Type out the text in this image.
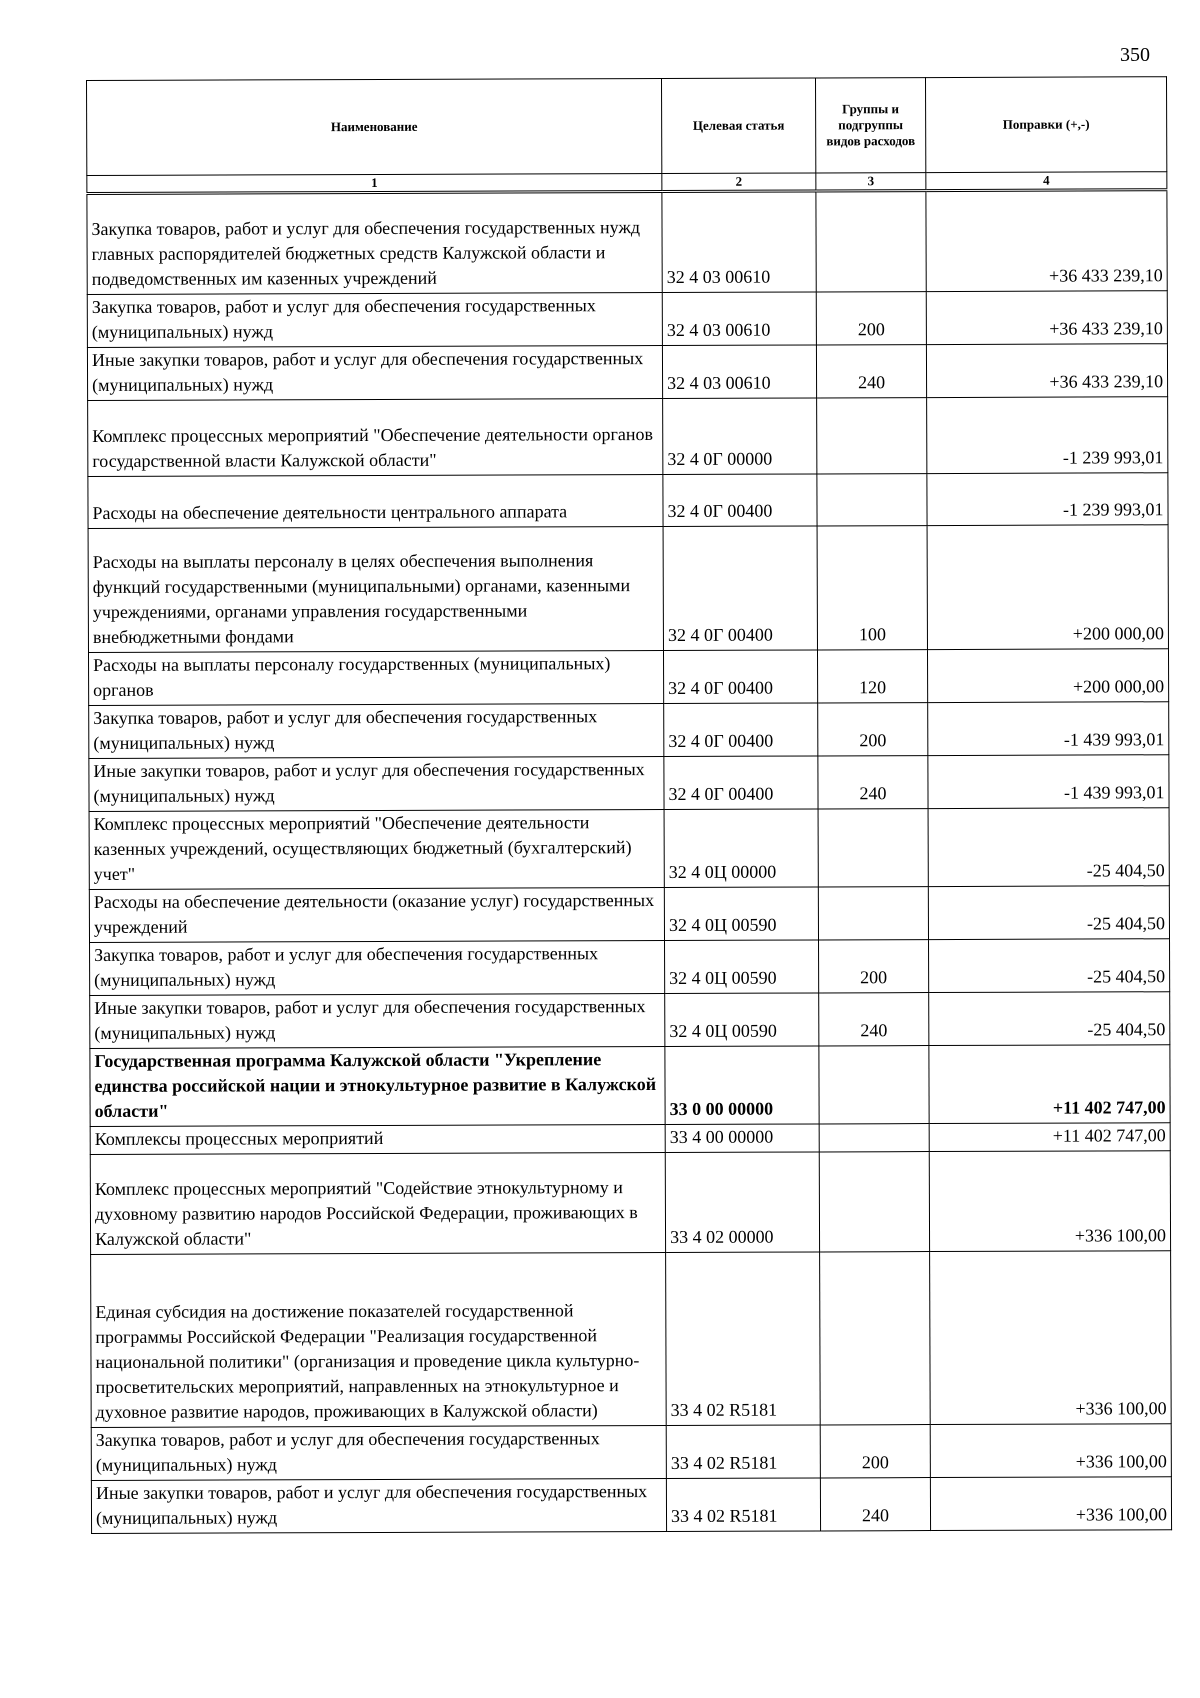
350
Наименование	Целевая статья	Группы и подгруппы видов расходов	Поправки (+,-)
1	2	3	4
Закупка товаров, работ и услуг для обеспечения государственных нужд главных распорядителей бюджетных средств Калужской области и подведомственных им казенных учреждений	32 4 03 00610		+36 433 239,10
Закупка товаров, работ и услуг для обеспечения государственных (муниципальных) нужд	32 4 03 00610	200	+36 433 239,10
Иные закупки товаров, работ и услуг для обеспечения государственных (муниципальных) нужд	32 4 03 00610	240	+36 433 239,10
Комплекс процессных мероприятий "Обеспечение деятельности органов государственной власти Калужской области"	32 4 0Г 00000		-1 239 993,01
Расходы на обеспечение деятельности центрального аппарата	32 4 0Г 00400		-1 239 993,01
Расходы на выплаты персоналу в целях обеспечения выполнения функций государственными (муниципальными) органами, казенными учреждениями, органами управления государственными внебюджетными фондами	32 4 0Г 00400	100	+200 000,00
Расходы на выплаты персоналу государственных (муниципальных) органов	32 4 0Г 00400	120	+200 000,00
Закупка товаров, работ и услуг для обеспечения государственных (муниципальных) нужд	32 4 0Г 00400	200	-1 439 993,01
Иные закупки товаров, работ и услуг для обеспечения государственных (муниципальных) нужд	32 4 0Г 00400	240	-1 439 993,01
Комплекс процессных мероприятий "Обеспечение деятельности казенных учреждений, осуществляющих бюджетный (бухгалтерский) учет"	32 4 0Ц 00000		-25 404,50
Расходы на обеспечение деятельности (оказание услуг) государственных учреждений	32 4 0Ц 00590		-25 404,50
Закупка товаров, работ и услуг для обеспечения государственных (муниципальных) нужд	32 4 0Ц 00590	200	-25 404,50
Иные закупки товаров, работ и услуг для обеспечения государственных (муниципальных) нужд	32 4 0Ц 00590	240	-25 404,50
Государственная программа Калужской области "Укрепление единства российской нации и этнокультурное развитие в Калужской области"	33 0 00 00000		+11 402 747,00
Комплексы процессных мероприятий	33 4 00 00000		+11 402 747,00
Комплекс процессных мероприятий "Содействие этнокультурному и духовному развитию народов Российской Федерации, проживающих в Калужской области"	33 4 02 00000		+336 100,00
Единая субсидия на достижение показателей государственной программы Российской Федерации "Реализация государственной национальной политики" (организация и проведение цикла культурно-просветительских мероприятий, направленных на этнокультурное и духовное развитие народов, проживающих в Калужской области)	33 4 02 R5181		+336 100,00
Закупка товаров, работ и услуг для обеспечения государственных (муниципальных) нужд	33 4 02 R5181	200	+336 100,00
Иные закупки товаров, работ и услуг для обеспечения государственных (муниципальных) нужд	33 4 02 R5181	240	+336 100,00
